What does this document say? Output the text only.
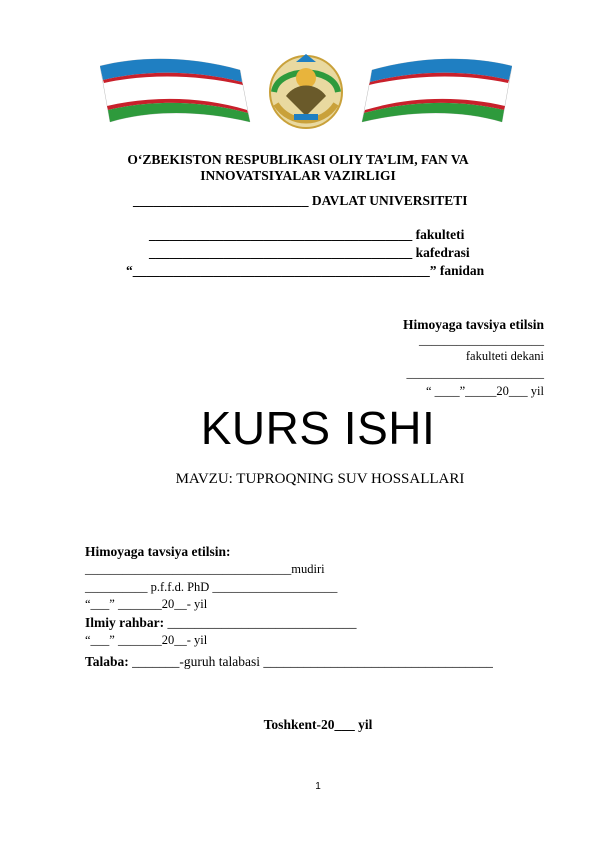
O‘ZBEKISTON RESPUBLIKASI OLIY TA’LIM, FAN VA
INNOVATSIYALAR VAZIRLIGI
__________________________ DAVLAT UNIVERSITETI
_______________________________________ fakulteti
_______________________________________ kafedrasi
“____________________________________________” fanidan
Himoyaga tavsiya etilsin
____________________
fakulteti dekani
______________________
“ ____”_____20___ yil
KURS ISHI
MAVZU: TUPROQNING SUV HOSSALLARI
Himoyaga tavsiya etilsin:
_________________________________mudiri
__________ p.f.f.d. PhD ____________________
“___” _______20__- yil
Ilmiy rahbar: ____________________________
“___” _______20__- yil
Talaba: _______-guruh talabasi __________________________________
Toshkent-20___ yil
1
